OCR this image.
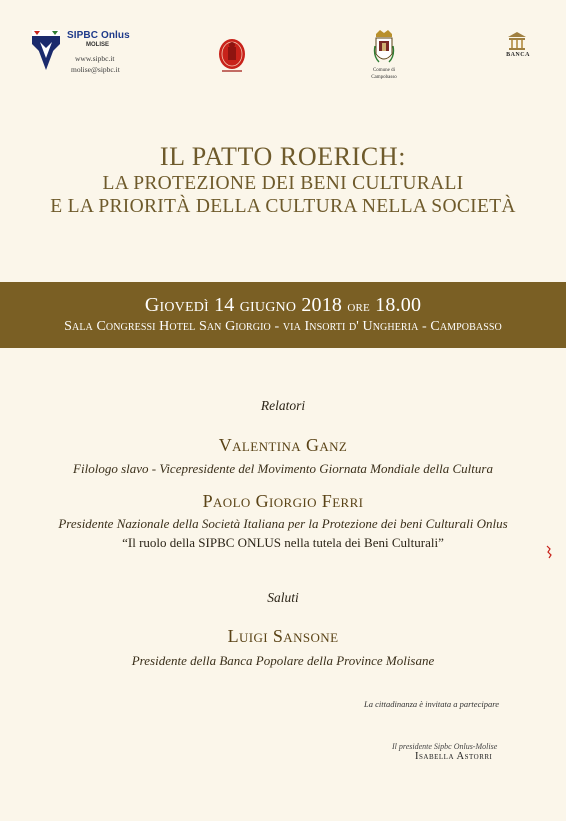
SIPBC Onlus
MOLISE
www.sipbc.it
molise@sipbc.it	Comune di
Campobasso
BANCA
IL PATTO ROERICH:
LA PROTEZIONE DEI BENI CULTURALI
E LA PRIORITÀ DELLA CULTURA NELLA SOCIETÀ
Giovedì 14 giugno 2018 ore 18.00
Sala Congressi Hotel San Giorgio - via Insorti d' Ungheria - Campobasso
Relatori
Valentina Ganz
Filologo slavo - Vicepresidente del Movimento Giornata Mondiale della Cultura
Paolo Giorgio Ferri
Presidente Nazionale della Società Italiana per la Protezione dei beni Culturali Onlus
“Il ruolo della SIPBC ONLUS nella tutela dei Beni Culturali”
Saluti
Luigi Sansone
Presidente della Banca Popolare della Province Molisane
La cittadinanza è invitata a partecipare
Il presidente Sipbc Onlus-Molise
Isabella Astorri
